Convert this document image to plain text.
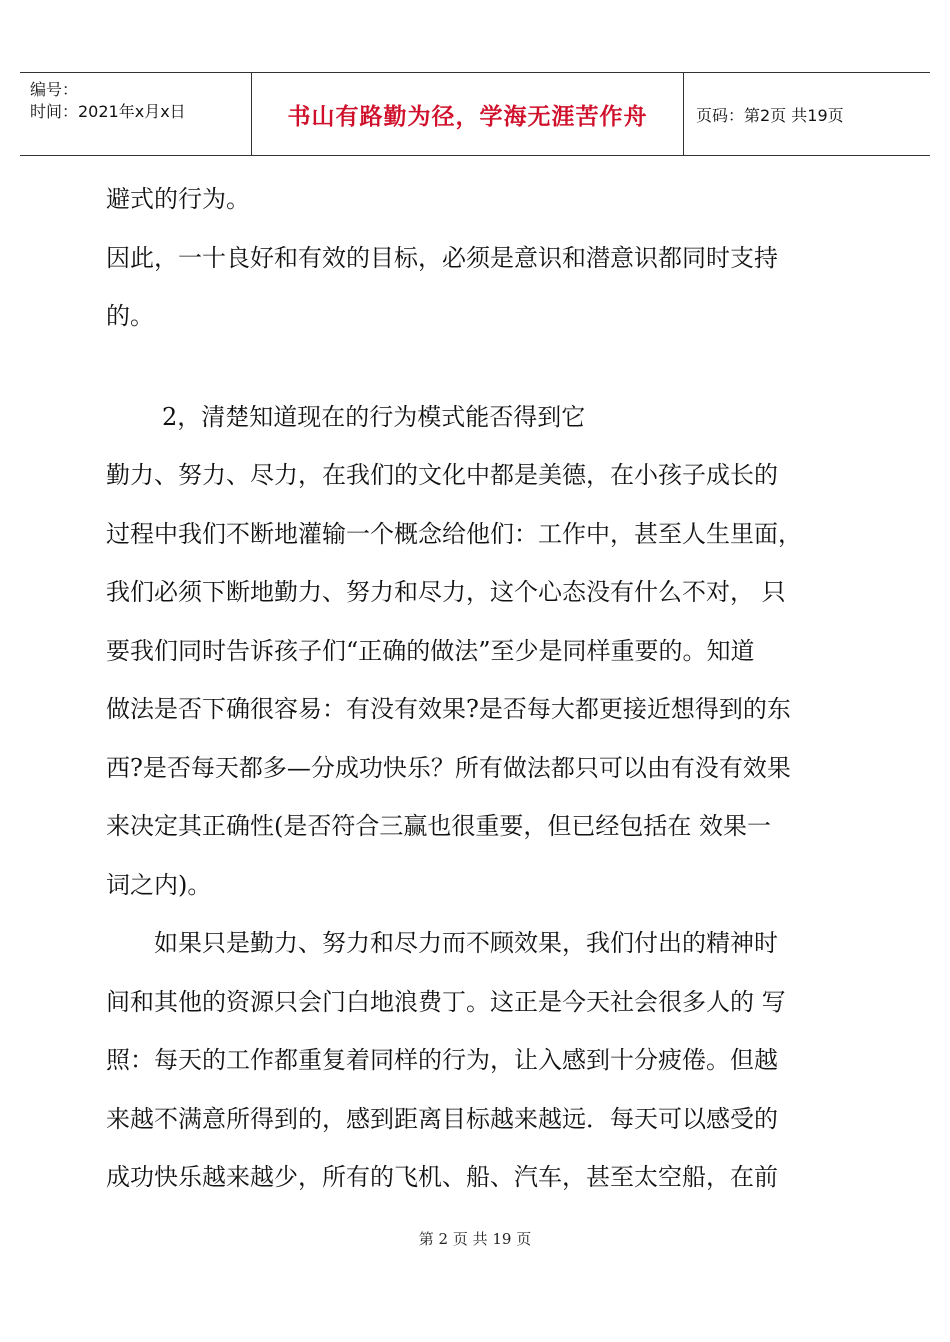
编号：
时间：2021年x月x日	书山有路勤为径，学海无涯苦作舟	页码：第2页 共19页

避式的行为。

因此，一十良好和有效的目标，必须是意识和潜意识都同时支持

的。

2，清楚知道现在的行为模式能否得到它

勤力、努力、尽力，在我们的文化中都是美德，在小孩子成长的

过程中我们不断地灌输一个概念给他们：工作中，甚至人生里面，

我们必须下断地勤力、努力和尽力，这个心态没有什么不对， 只

要我们同时告诉孩子们“正确的做法”至少是同样重要的。知道

做法是否下确很容易：有没有效果?是否每大都更接近想得到的东

西?是否每天都多—分成功快乐？所有做法都只可以由有没有效果

来决定其正确性(是否符合三赢也很重要，但已经包括在 效果一

词之内)。

如果只是勤力、努力和尽力而不顾效果，我们付出的精神时

间和其他的资源只会门白地浪费丁。这正是今天社会很多人的 写

照：每天的工作都重复着同样的行为，让入感到十分疲倦。但越

来越不满意所得到的，感到距离目标越来越远．每天可以感受的

成功快乐越来越少，所有的飞机、船、汽车，甚至太空船，在前

第 2 页 共 19 页
